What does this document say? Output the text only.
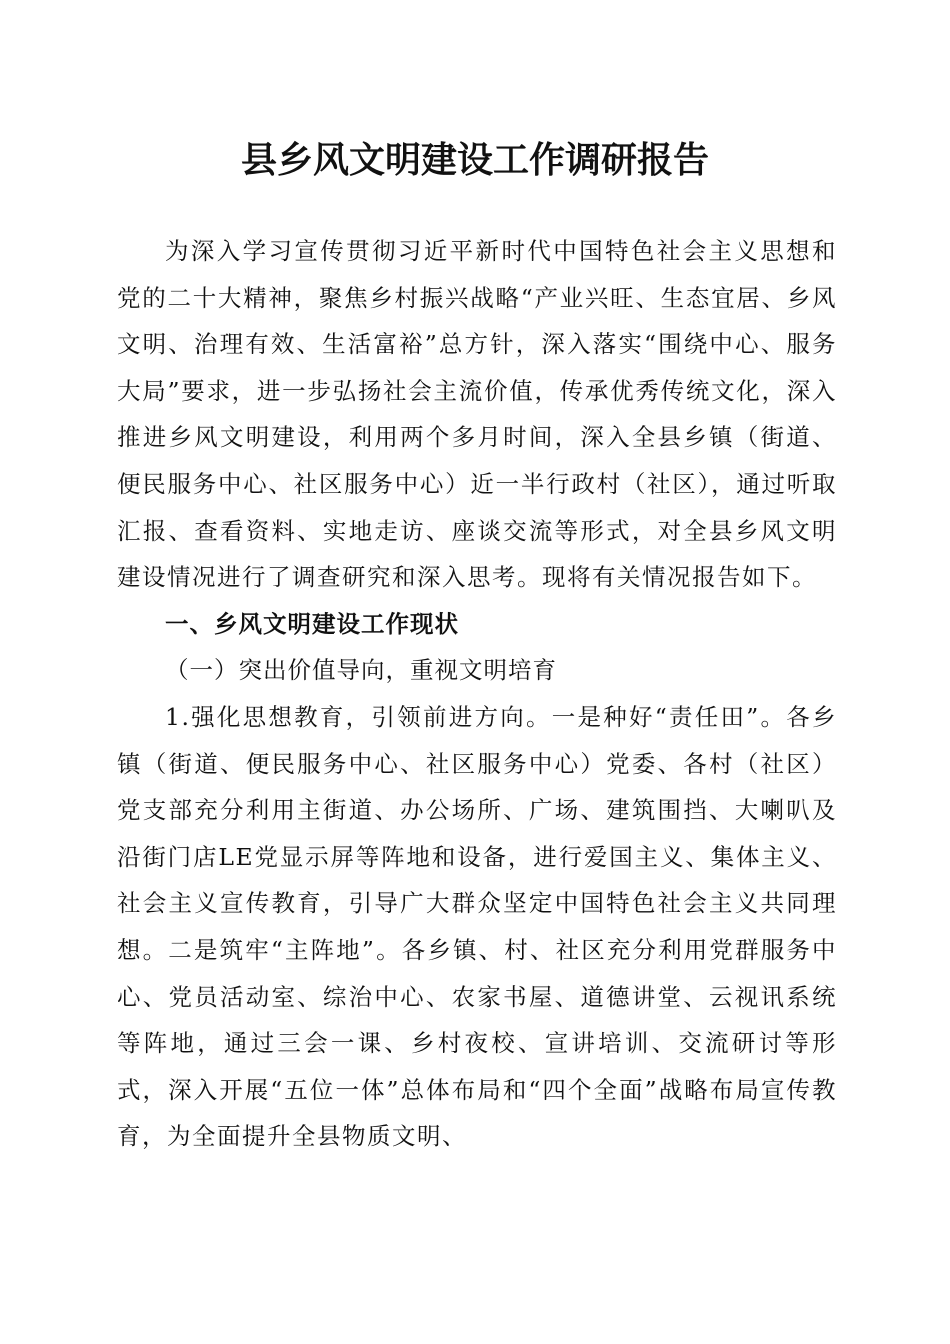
县乡风文明建设工作调研报告

为深入学习宣传贯彻习近平新时代中国特色社会主义思想和党的二十大精神，聚焦乡村振兴战略“产业兴旺、生态宜居、乡风文明、治理有效、生活富裕”总方针，深入落实“围绕中心、服务大局”要求，进一步弘扬社会主流价值，传承优秀传统文化，深入推进乡风文明建设，利用两个多月时间，深入全县乡镇（街道、便民服务中心、社区服务中心）近一半行政村（社区），通过听取汇报、查看资料、实地走访、座谈交流等形式，对全县乡风文明建设情况进行了调查研究和深入思考。现将有关情况报告如下。

一、乡风文明建设工作现状

（一）突出价值导向，重视文明培育

1.强化思想教育，引领前进方向。一是种好“责任田”。各乡镇（街道、便民服务中心、社区服务中心）党委、各村（社区）党支部充分利用主街道、办公场所、广场、建筑围挡、大喇叭及沿街门店LE党显示屏等阵地和设备，进行爱国主义、集体主义、社会主义宣传教育，引导广大群众坚定中国特色社会主义共同理想。二是筑牢“主阵地”。各乡镇、村、社区充分利用党群服务中心、党员活动室、综治中心、农家书屋、道德讲堂、云视讯系统等阵地，通过三会一课、乡村夜校、宣讲培训、交流研讨等形式，深入开展“五位一体”总体布局和“四个全面”战略布局宣传教育，为全面提升全县物质文明、
